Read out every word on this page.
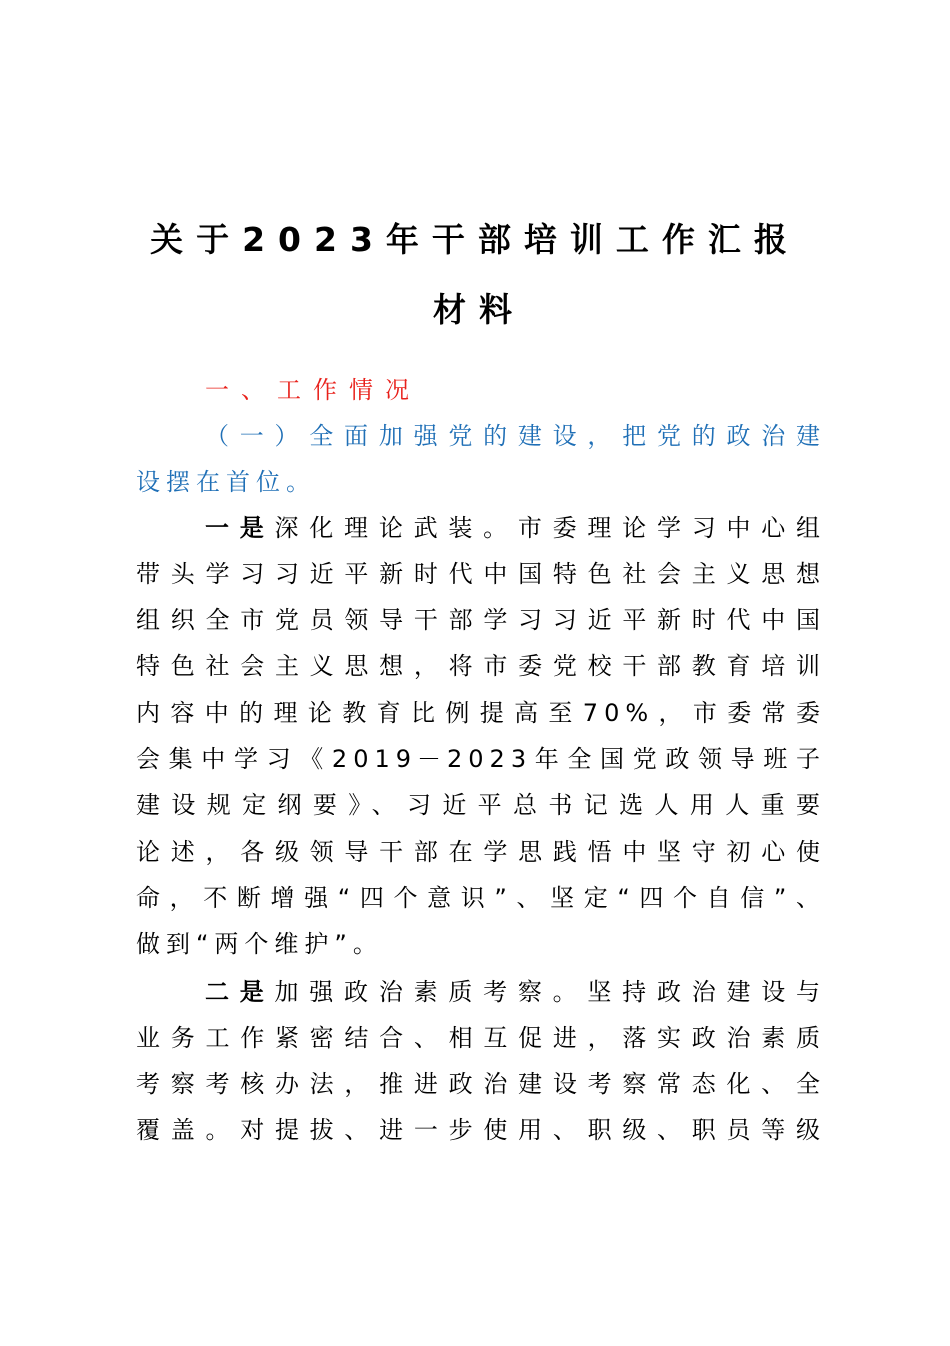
关于2023年干部培训工作汇报
材料
一、工作情况
（一）全面加强党的建设，把党的政治建
设摆在首位。
一是深化理论武装。市委理论学习中心组
带头学习习近平新时代中国特色社会主义思想
组织全市党员领导干部学习习近平新时代中国
特色社会主义思想，将市委党校干部教育培训
内容中的理论教育比例提高至70%，市委常委
会集中学习《2019－2023年全国党政领导班子
建设规定纲要》、习近平总书记选人用人重要
论述，各级领导干部在学思践悟中坚守初心使
命，不断增强“四个意识”、坚定“四个自信”、
做到“两个维护”。
二是加强政治素质考察。坚持政治建设与
业务工作紧密结合、相互促进，落实政治素质
考察考核办法，推进政治建设考察常态化、全
覆盖。对提拔、进一步使用、职级、职员等级
